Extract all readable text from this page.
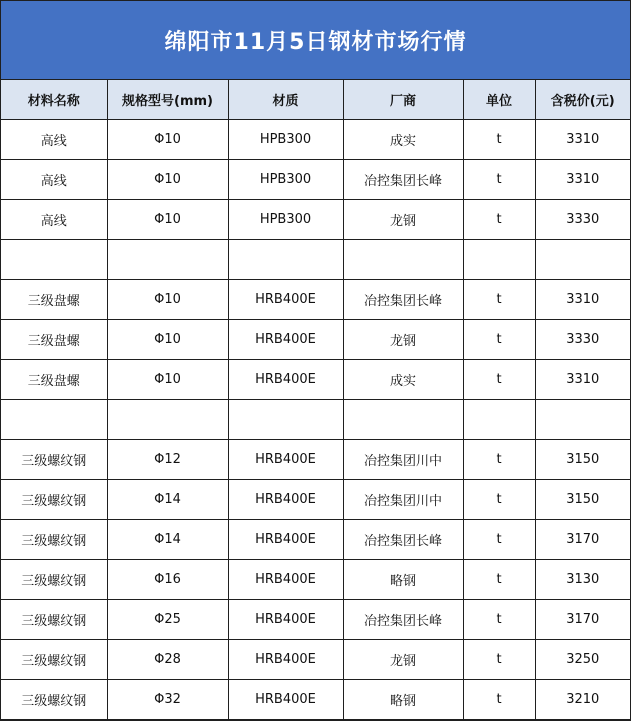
绵阳市11月5日钢材市场行情
材料名称	规格型号(mm)	材质	厂商	单位	含税价(元)
高线	Φ10	HPB300	成实	t	3310
高线	Φ10	HPB300	冶控集团长峰	t	3310
高线	Φ10	HPB300	龙钢	t	3330

三级盘螺	Φ10	HRB400E	冶控集团长峰	t	3310
三级盘螺	Φ10	HRB400E	龙钢	t	3330
三级盘螺	Φ10	HRB400E	成实	t	3310

三级螺纹钢	Φ12	HRB400E	冶控集团川中	t	3150
三级螺纹钢	Φ14	HRB400E	冶控集团川中	t	3150
三级螺纹钢	Φ14	HRB400E	冶控集团长峰	t	3170
三级螺纹钢	Φ16	HRB400E	略钢	t	3130
三级螺纹钢	Φ25	HRB400E	冶控集团长峰	t	3170
三级螺纹钢	Φ28	HRB400E	龙钢	t	3250
三级螺纹钢	Φ32	HRB400E	略钢	t	3210
